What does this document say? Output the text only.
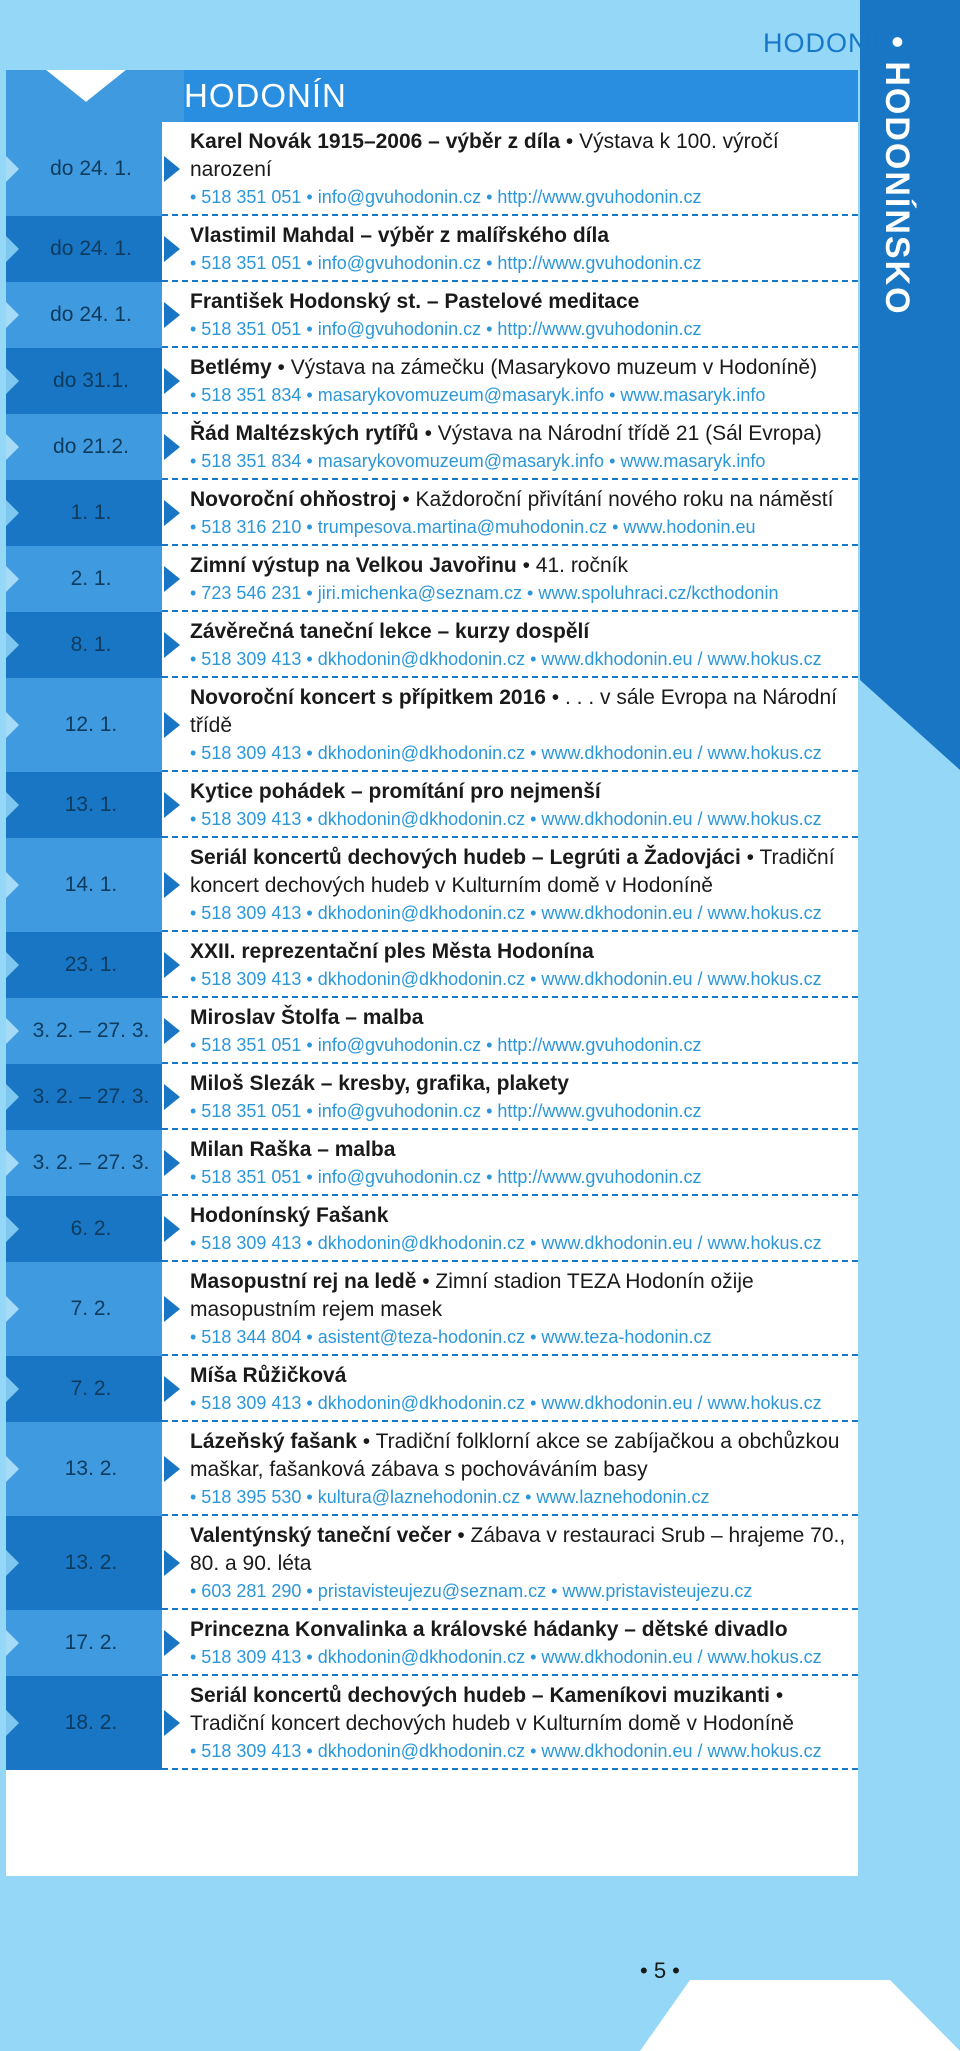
HODONÍN
• HODONÍNSKO
HODONÍN
do 24. 1.
Karel Novák 1915–2006 – výběr z díla • Výstava k 100. výročí narození
• 518 351 051 • info@gvuhodonin.cz • http://www.gvuhodonin.cz
do 24. 1.
Vlastimil Mahdal – výběr z malířského díla
• 518 351 051 • info@gvuhodonin.cz • http://www.gvuhodonin.cz
do 24. 1.
František Hodonský st. – Pastelové meditace
• 518 351 051 • info@gvuhodonin.cz • http://www.gvuhodonin.cz
do 31.1.
Betlémy • Výstava na zámečku (Masarykovo muzeum v Hodoníně)
• 518 351 834 • masarykovomuzeum@masaryk.info • www.masaryk.info
do 21.2.
Řád Maltézských rytířů • Výstava na Národní třídě 21 (Sál Evropa)
• 518 351 834 • masarykovomuzeum@masaryk.info • www.masaryk.info
1. 1.
Novoroční ohňostroj • Každoroční přivítání nového roku na náměstí
• 518 316 210 • trumpesova.martina@muhodonin.cz • www.hodonin.eu
2. 1.
Zimní výstup na Velkou Javořinu • 41. ročník
• 723 546 231 • jiri.michenka@seznam.cz • www.spoluhraci.cz/kcthodonin
8. 1.
Závěrečná taneční lekce – kurzy dospělí
• 518 309 413 • dkhodonin@dkhodonin.cz • www.dkhodonin.eu / www.hokus.cz
12. 1.
Novoroční koncert s přípitkem 2016 • . . . v sále Evropa na Národní třídě
• 518 309 413 • dkhodonin@dkhodonin.cz • www.dkhodonin.eu / www.hokus.cz
13. 1.
Kytice pohádek – promítání pro nejmenší
• 518 309 413 • dkhodonin@dkhodonin.cz • www.dkhodonin.eu / www.hokus.cz
14. 1.
Seriál koncertů dechových hudeb – Legrúti a Žadovjáci • Tradiční koncert dechových hudeb v Kulturním domě v Hodoníně
• 518 309 413 • dkhodonin@dkhodonin.cz • www.dkhodonin.eu / www.hokus.cz
23. 1.
XXII. reprezentační ples Města Hodonína
• 518 309 413 • dkhodonin@dkhodonin.cz • www.dkhodonin.eu / www.hokus.cz
3. 2. – 27. 3.
Miroslav Štolfa – malba
• 518 351 051 • info@gvuhodonin.cz • http://www.gvuhodonin.cz
3. 2. – 27. 3.
Miloš Slezák – kresby, grafika, plakety
• 518 351 051 • info@gvuhodonin.cz • http://www.gvuhodonin.cz
3. 2. – 27. 3.
Milan Raška – malba
• 518 351 051 • info@gvuhodonin.cz • http://www.gvuhodonin.cz
6. 2.
Hodonínský Fašank
• 518 309 413 • dkhodonin@dkhodonin.cz • www.dkhodonin.eu / www.hokus.cz
7. 2.
Masopustní rej na ledě • Zimní stadion TEZA Hodonín ožije masopustním rejem masek
• 518 344 804 • asistent@teza-hodonin.cz • www.teza-hodonin.cz
7. 2.
Míša Růžičková
• 518 309 413 • dkhodonin@dkhodonin.cz • www.dkhodonin.eu / www.hokus.cz
13. 2.
Lázeňský fašank • Tradiční folklorní akce se zabíjačkou a obchůzkou maškar, fašanková zábava s pochováváním basy
• 518 395 530 • kultura@laznehodonin.cz • www.laznehodonin.cz
13. 2.
Valentýnský taneční večer • Zábava v restauraci Srub – hrajeme 70., 80. a 90. léta
• 603 281 290 • pristavisteujezu@seznam.cz • www.pristavisteujezu.cz
17. 2.
Princezna Konvalinka a královské hádanky – dětské divadlo
• 518 309 413 • dkhodonin@dkhodonin.cz • www.dkhodonin.eu / www.hokus.cz
18. 2.
Seriál koncertů dechových hudeb – Kameníkovi muzikanti • Tradiční koncert dechových hudeb v Kulturním domě v Hodoníně
• 518 309 413 • dkhodonin@dkhodonin.cz • www.dkhodonin.eu / www.hokus.cz
• 5 •
